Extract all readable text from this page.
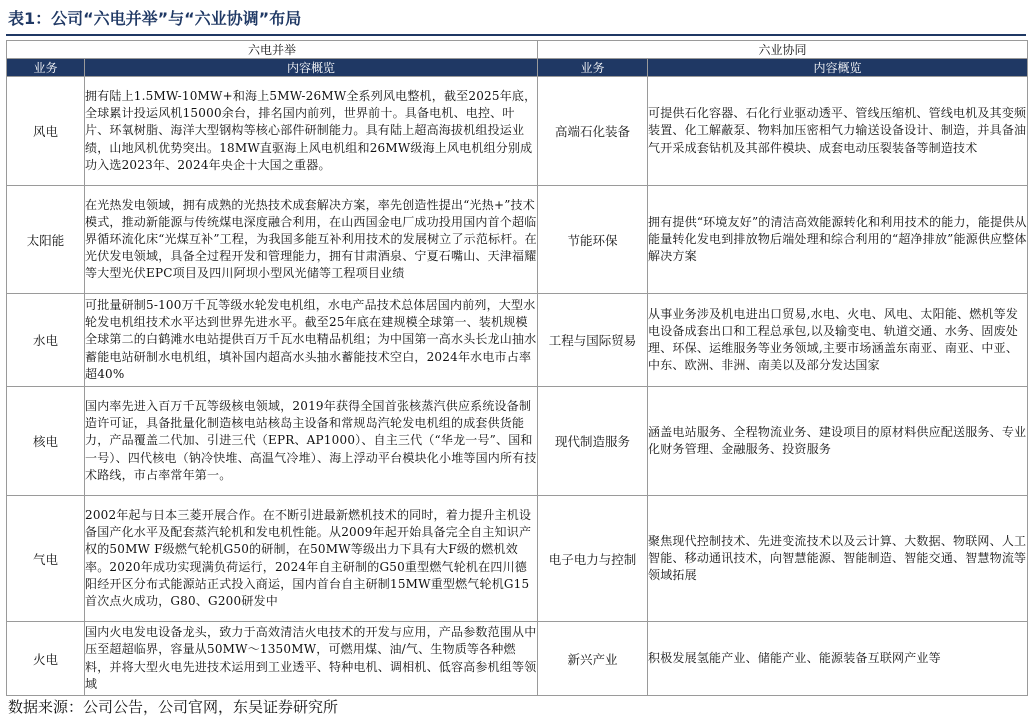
表1：公司“六电并举”与“六业协调”布局
六电并举		六业协同	
业务	内容概览	业务	内容概览
风电	拥有陆上1.5MW-10MW+和海上5MW-26MW全系列风电整机，截至2025年底，全球累计投运风机15000余台，排名国内前列，世界前十。具备电机、电控、叶片、环氧树脂、海洋大型钢构等核心部件研制能力。具有陆上超高海拔机组投运业绩，山地风机优势突出。18MW直驱海上风电机组和26MW级海上风电机组分别成功入选2023年、2024年央企十大国之重器。	高端石化装备	可提供石化容器、石化行业驱动透平、管线压缩机、管线电机及其变频装置、化工解蔽泵、物料加压密相气力输送设备设计、制造，并具备油气开采成套钻机及其部件模块、成套电动压裂装备等制造技术
太阳能	在光热发电领域，拥有成熟的光热技术成套解决方案，率先创造性提出“光热+”技术模式，推动新能源与传统煤电深度融合利用，在山西国金电厂成功投用国内首个超临界循环流化床“光煤互补”工程，为我国多能互补利用技术的发展树立了示范标杆。在光伏发电领域，具备全过程开发和管理能力，拥有甘肃酒泉、宁夏石嘴山、天津福耀等大型光伏EPC项目及四川阿坝小型风光储等工程项目业绩	节能环保	拥有提供“环境友好”的清洁高效能源转化和利用技术的能力，能提供从能量转化发电到排放物后端处理和综合利用的“超净排放”能源供应整体解决方案
水电	可批量研制5-100万千瓦等级水轮发电机组，水电产品技术总体居国内前列，大型水轮发电机组技术水平达到世界先进水平。截至25年底在建规模全球第一、装机规模全球第二的白鹤滩水电站提供百万千瓦水电精品机组；为中国第一高水头长龙山抽水蓄能电站研制水电机组，填补国内超高水头抽水蓄能技术空白，2024年水电市占率超40%	工程与国际贸易	从事业务涉及机电进出口贸易,水电、火电、风电、太阳能、燃机等发电设备成套出口和工程总承包,以及输变电、轨道交通、水务、固废处理、环保、运维服务等业务领域,主要市场涵盖东南亚、南亚、中亚、中东、欧洲、非洲、南美以及部分发达国家
核电	国内率先进入百万千瓦等级核电领域，2019年获得全国首张核蒸汽供应系统设备制造许可证，具备批量化制造核电站核岛主设备和常规岛汽轮发电机组的成套供货能力，产品覆盖二代加、引进三代（EPR、AP1000）、自主三代（“华龙一号”、国和一号）、四代核电（钠冷快堆、高温气冷堆）、海上浮动平台模块化小堆等国内所有技术路线，市占率常年第一。	现代制造服务	涵盖电站服务、全程物流业务、建设项目的原材料供应配送服务、专业化财务管理、金融服务、投资服务
气电	2002年起与日本三菱开展合作。在不断引进最新燃机技术的同时，着力提升主机设备国产化水平及配套蒸汽轮机和发电机性能。从2009年起开始具备完全自主知识产权的50MW F级燃气轮机G50的研制，在50MW等级出力下具有大F级的燃机效率。2020年成功实现满负荷运行，2024年自主研制的G50重型燃气轮机在四川德阳经开区分布式能源站正式投入商运，国内首台自主研制15MW重型燃气轮机G15首次点火成功，G80、G200研发中	电子电力与控制	聚焦现代控制技术、先进变流技术以及云计算、大数据、物联网、人工智能、移动通讯技术，向智慧能源、智能制造、智能交通、智慧物流等领域拓展
火电	国内火电发电设备龙头，致力于高效清洁火电技术的开发与应用，产品参数范围从中压至超超临界，容量从50MW～1350MW，可燃用煤、油/气、生物质等各种燃料，并将大型火电先进技术运用到工业透平、特种电机、调相机、低容高参机组等领域	新兴产业	积极发展氢能产业、储能产业、能源装备互联网产业等
数据来源：公司公告，公司官网，东吴证券研究所
